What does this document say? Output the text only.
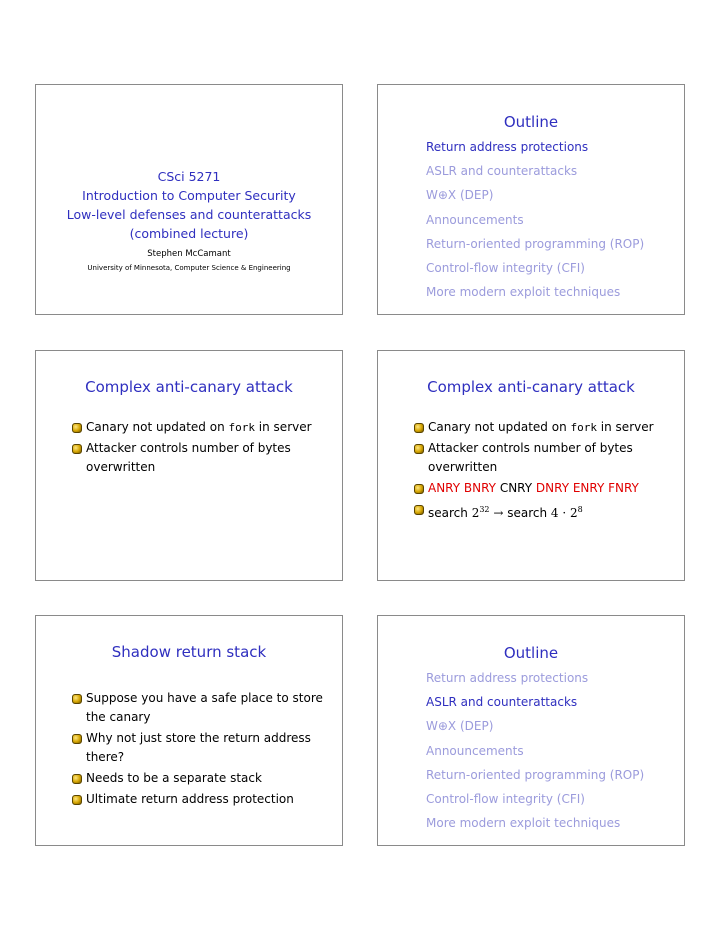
CSci 5271
Introduction to Computer Security
Low-level defenses and counterattacks
(combined lecture)
Stephen McCamant
University of Minnesota, Computer Science & Engineering
Outline
Return address protections
ASLR and counterattacks
W⊕X (DEP)
Announcements
Return-oriented programming (ROP)
Control-flow integrity (CFI)
More modern exploit techniques
Complex anti-canary attack
Canary not updated on fork in server
Attacker controls number of bytes overwritten
Complex anti-canary attack
Canary not updated on fork in server
Attacker controls number of bytes overwritten
ANRY BNRY CNRY DNRY ENRY FNRY
search $2^{32}$ → search $4 \cdot 2^8$
Shadow return stack
Suppose you have a safe place to store the canary
Why not just store the return address there?
Needs to be a separate stack
Ultimate return address protection
Outline
Return address protections
ASLR and counterattacks
W⊕X (DEP)
Announcements
Return-oriented programming (ROP)
Control-flow integrity (CFI)
More modern exploit techniques
